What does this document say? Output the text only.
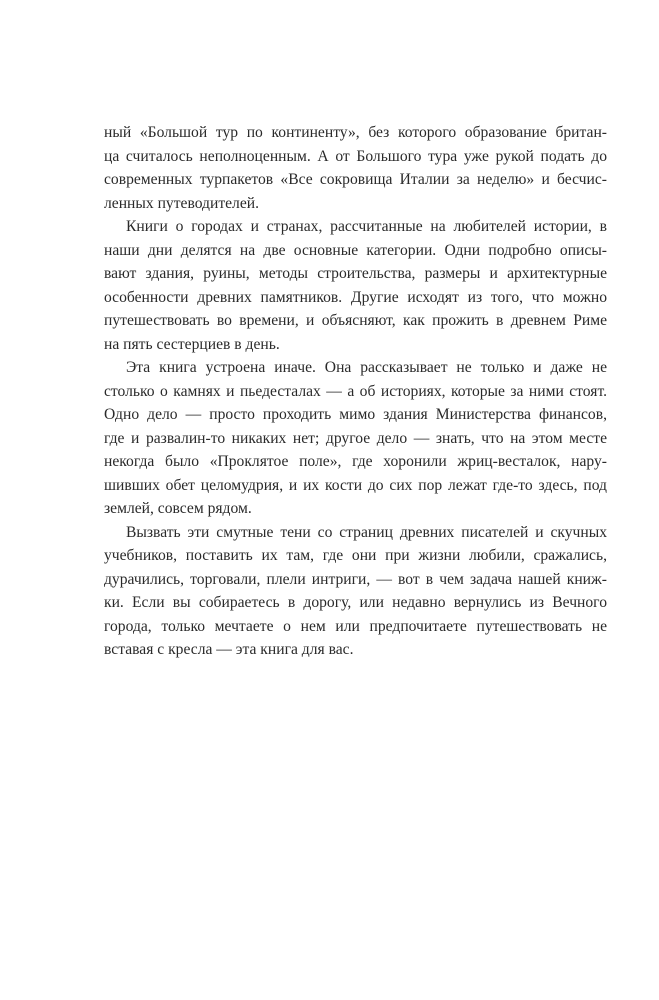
ный «Большой тур по континенту», без которого образование британ-
ца считалось неполноценным. А от Большого тура уже рукой подать до
современных турпакетов «Все сокровища Италии за неделю» и бесчис-
ленных путеводителей.

Книги о городах и странах, рассчитанные на любителей истории, в
наши дни делятся на две основные категории. Одни подробно описы-
вают здания, руины, методы строительства, размеры и архитектурные
особенности древних памятников. Другие исходят из того, что можно
путешествовать во времени, и объясняют, как прожить в древнем Риме
на пять сестерциев в день.

Эта книга устроена иначе. Она рассказывает не только и даже не
столько о камнях и пьедесталах — а об историях, которые за ними стоят.
Одно дело — просто проходить мимо здания Министерства финансов,
где и развалин-то никаких нет; другое дело — знать, что на этом месте
некогда было «Проклятое поле», где хоронили жриц-весталок, нару-
шивших обет целомудрия, и их кости до сих пор лежат где-то здесь, под
землей, совсем рядом.

Вызвать эти смутные тени со страниц древних писателей и скучных
учебников, поставить их там, где они при жизни любили, сражались,
дурачились, торговали, плели интриги, — вот в чем задача нашей книж-
ки. Если вы собираетесь в дорогу, или недавно вернулись из Вечного
города, только мечтаете о нем или предпочитаете путешествовать не
вставая с кресла — эта книга для вас.
